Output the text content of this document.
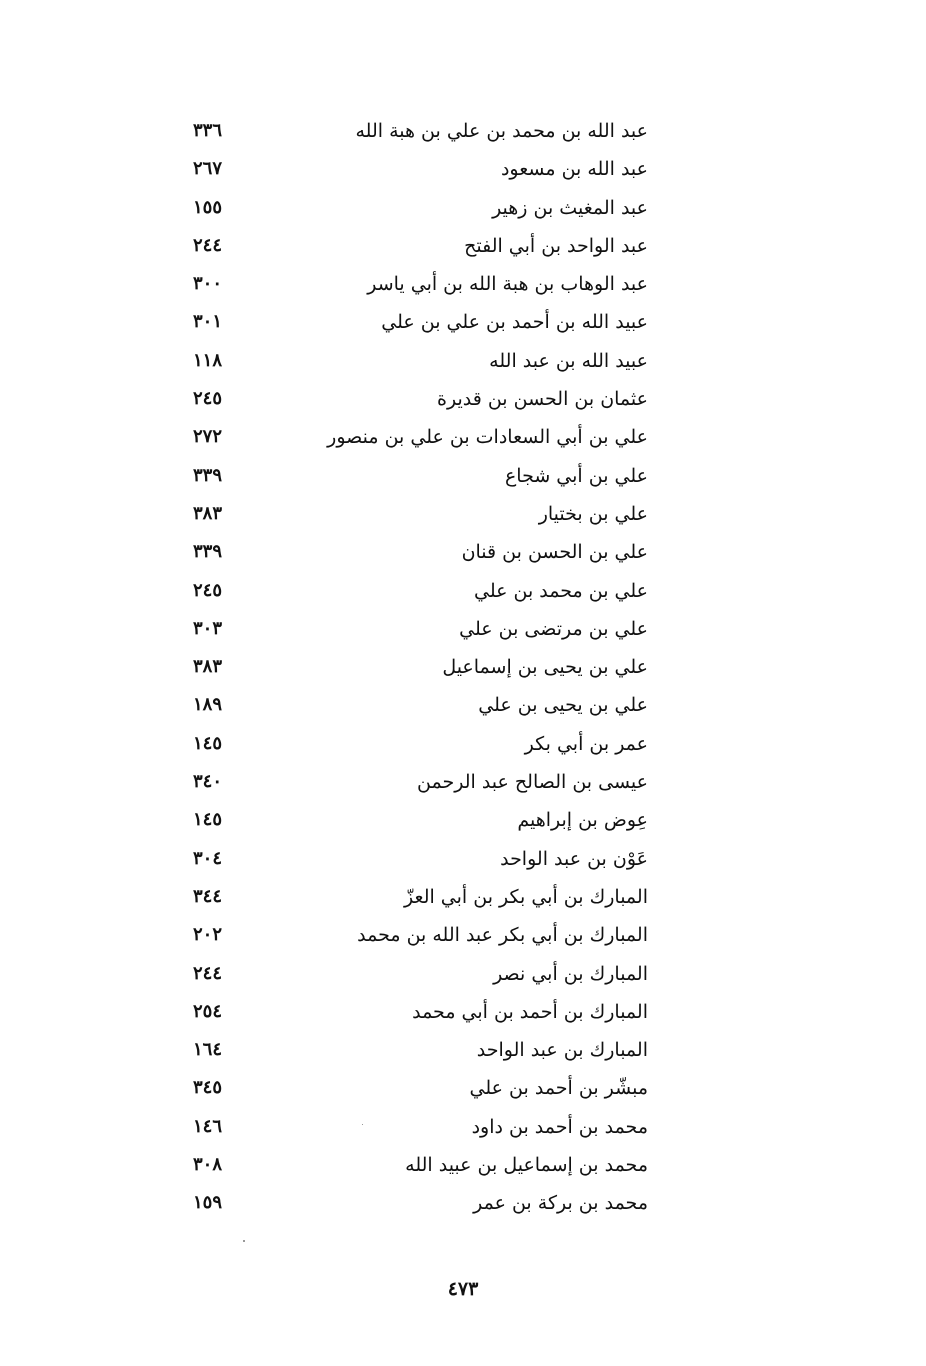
عبد الله بن محمد بن علي بن هبة الله
٣٣٦
عبد الله بن مسعود
٢٦٧
عبد المغيث بن زهير
١٥٥
عبد الواحد بن أبي الفتح
٢٤٤
عبد الوهاب بن هبة الله بن أبي ياسر
٣٠٠
عبيد الله بن أحمد بن علي بن علي
٣٠١
عبيد الله بن عبد الله
١١٨
عثمان بن الحسن بن قديرة
٢٤٥
علي بن أبي السعادات بن علي بن منصور
٢٧٢
علي بن أبي شجاع
٣٣٩
علي بن بختيار
٣٨٣
علي بن الحسن بن قنان
٣٣٩
علي بن محمد بن علي
٢٤٥
علي بن مرتضى بن علي
٣٠٣
علي بن يحيى بن إسماعيل
٣٨٣
علي بن يحيى بن علي
١٨٩
عمر بن أبي بكر
١٤٥
عيسى بن الصالح عبد الرحمن
٣٤٠
عِوض بن إبراهيم
١٤٥
عَوْن بن عبد الواحد
٣٠٤
المبارك بن أبي بكر بن أبي العزّ
٣٤٤
المبارك بن أبي بكر عبد الله بن محمد
٢٠٢
المبارك بن أبي نصر
٢٤٤
المبارك بن أحمد بن أبي محمد
٢٥٤
المبارك بن عبد الواحد
١٦٤
مبشّر بن أحمد بن علي
٣٤٥
محمد بن أحمد بن داود
١٤٦
محمد بن إسماعيل بن عبيد الله
٣٠٨
محمد بن بركة بن عمر
١٥٩
٤٧٣
